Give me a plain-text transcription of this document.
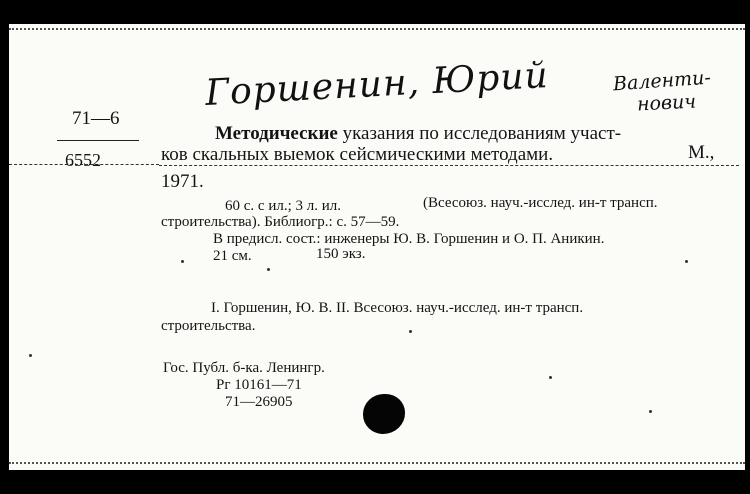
Горшенин, Юрий	Валенти-
нович
71—6
6552
Методические указания по исследованиям участ-
ков скальных выемок сейсмическими методами.	М.,
1971.
60 с. с ил.; 3 л. ил.	(Всесоюз. науч.-исслед. ин-т трансп.
строительства). Библиогр.: с. 57—59.
В предисл. сост.: инженеры Ю. В. Горшенин и О. П. Аникин.
21 см.	150 экз.
I. Горшенин, Ю. В. II. Всесоюз. науч.-исслед. ин-т трансп.
строительства.
Гос. Публ. б-ка. Ленингр.
Рг 10161—71
71—26905
